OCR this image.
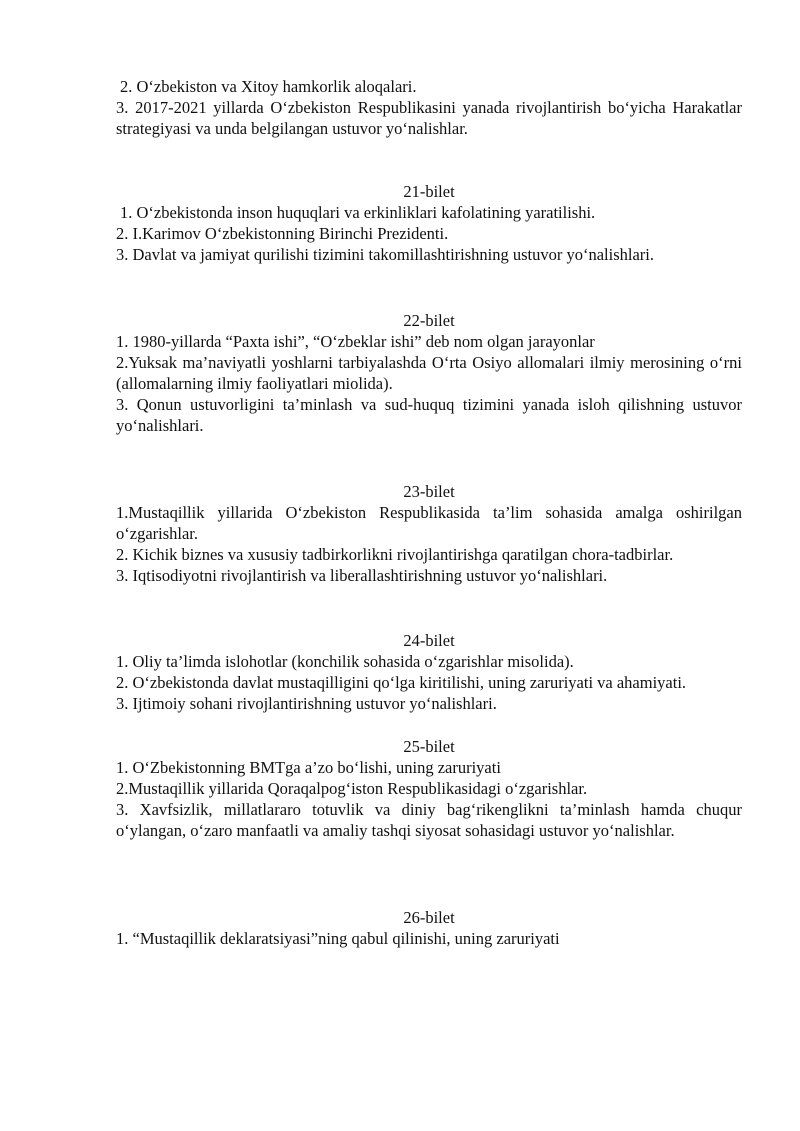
2. O‘zbekiston va Xitoy hamkorlik aloqalari.

3. 2017-2021 yillarda O‘zbekiston Respublikasini yanada rivojlantirish bo‘yicha Harakatlar strategiyasi va unda belgilangan ustuvor yo‘nalishlar.

21-bilet

1. O‘zbekistonda inson huquqlari va erkinliklari kafolatining yaratilishi.

2. I.Karimov O‘zbekistonning Birinchi Prezidenti.

3. Davlat va jamiyat qurilishi tizimini takomillashtirishning ustuvor yo‘nalishlari.

22-bilet

1. 1980-yillarda “Paxta ishi”, “O‘zbeklar ishi” deb nom olgan jarayonlar

2.Yuksak ma’naviyatli yoshlarni tarbiyalashda O‘rta Osiyo allomalari ilmiy merosining o‘rni (allomalarning ilmiy faoliyatlari miolida).

3. Qonun ustuvorligini ta’minlash va sud-huquq tizimini yanada isloh qilishning ustuvor yo‘nalishlari.

23-bilet

1.Mustaqillik yillarida O‘zbekiston Respublikasida ta’lim sohasida amalga oshirilgan o‘zgarishlar.

2. Kichik biznes va xususiy tadbirkorlikni rivojlantirishga qaratilgan chora-tadbirlar.

3. Iqtisodiyotni rivojlantirish va liberallashtirishning ustuvor yo‘nalishlari.

24-bilet

1. Oliy ta’limda islohotlar (konchilik sohasida o‘zgarishlar misolida).

2. O‘zbekistonda davlat mustaqilligini qo‘lga kiritilishi, uning zaruriyati va ahamiyati.

3. Ijtimoiy sohani rivojlantirishning ustuvor yo‘nalishlari.

25-bilet

1. O‘Zbekistonning BMTga a’zo bo‘lishi, uning zaruriyati

2.Mustaqillik yillarida Qoraqalpog‘iston Respublikasidagi o‘zgarishlar.

3. Xavfsizlik, millatlararo totuvlik va diniy bag‘rikenglikni ta’minlash hamda chuqur o‘ylangan, o‘zaro manfaatli va amaliy tashqi siyosat sohasidagi ustuvor yo‘nalishlar.

26-bilet

1. “Mustaqillik deklaratsiyasi”ning qabul qilinishi, uning zaruriyati
